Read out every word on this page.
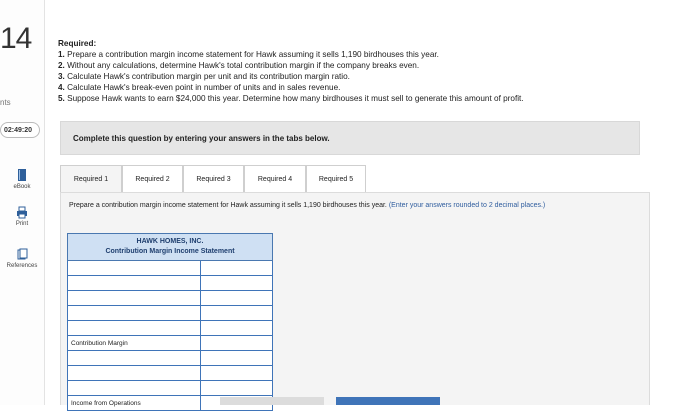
14
nts
02:49:20
eBook
Print
References
Required:
1. Prepare a contribution margin income statement for Hawk assuming it sells 1,190 birdhouses this year.
2. Without any calculations, determine Hawk's total contribution margin if the company breaks even.
3. Calculate Hawk's contribution margin per unit and its contribution margin ratio.
4. Calculate Hawk's break-even point in number of units and in sales revenue.
5. Suppose Hawk wants to earn $24,000 this year. Determine how many birdhouses it must sell to generate this amount of profit.
Complete this question by entering your answers in the tabs below.
Required 1	Required 2	Required 3	Required 4	Required 5
Prepare a contribution margin income statement for Hawk assuming it sells 1,190 birdhouses this year. (Enter your answers rounded to 2 decimal places.)
HAWK HOMES, INC.
Contribution Margin Income Statement	

Contribution Margin	

Income from Operations	
